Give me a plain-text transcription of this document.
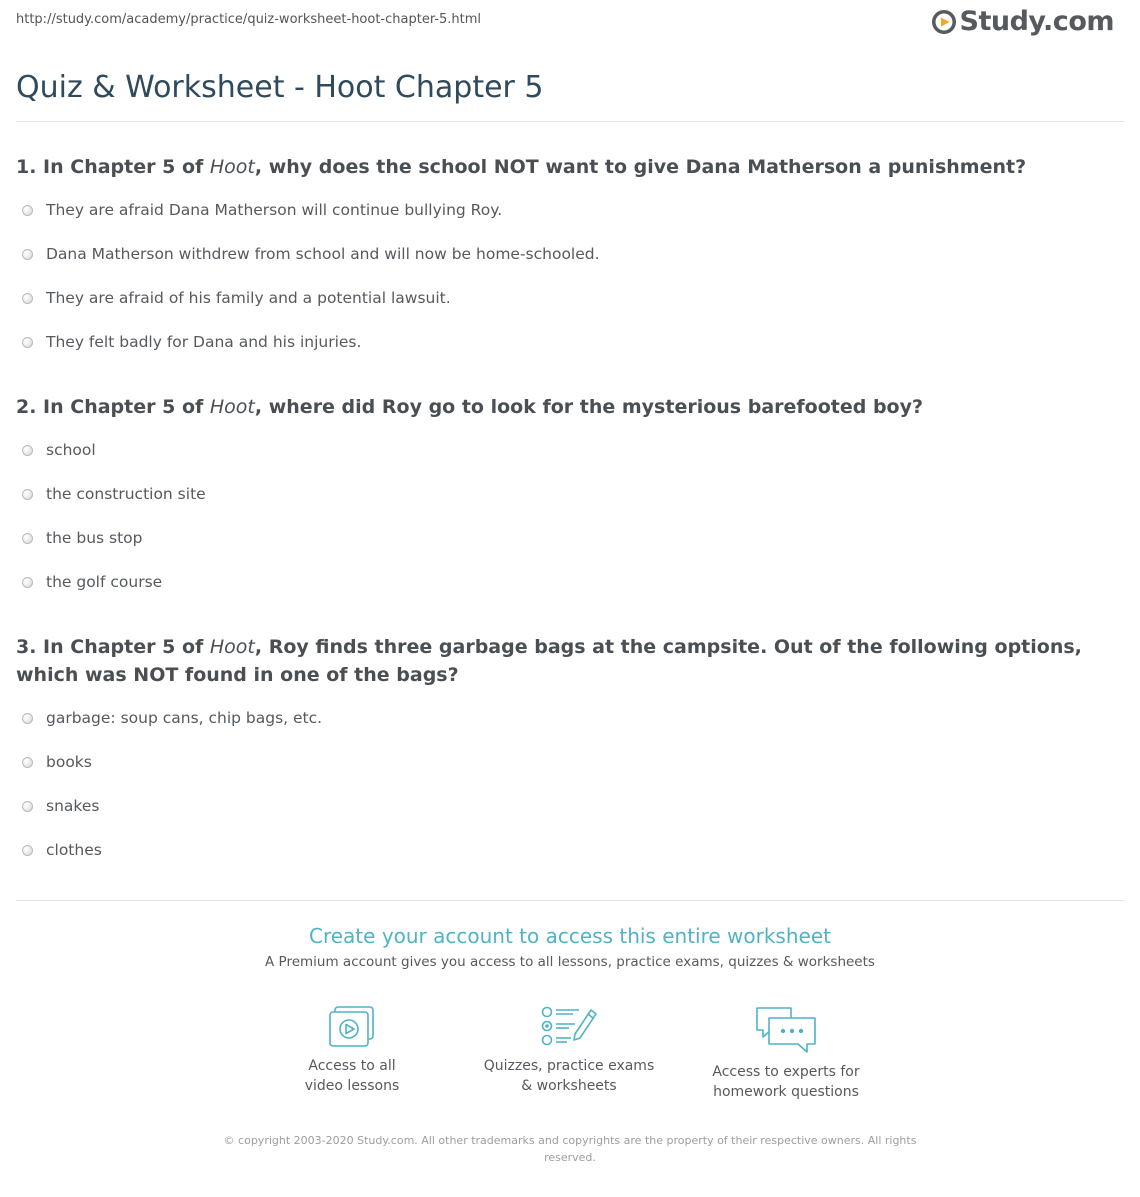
http://study.com/academy/practice/quiz-worksheet-hoot-chapter-5.html	Study.com
Quiz & Worksheet - Hoot Chapter 5
1. In Chapter 5 of Hoot, why does the school NOT want to give Dana Matherson a punishment?
They are afraid Dana Matherson will continue bullying Roy.
Dana Matherson withdrew from school and will now be home-schooled.
They are afraid of his family and a potential lawsuit.
They felt badly for Dana and his injuries.
2. In Chapter 5 of Hoot, where did Roy go to look for the mysterious barefooted boy?
school
the construction site
the bus stop
the golf course
3. In Chapter 5 of Hoot, Roy finds three garbage bags at the campsite. Out of the following options, which was NOT found in one of the bags?
garbage: soup cans, chip bags, etc.
books
snakes
clothes

Create your account to access this entire worksheet

A Premium account gives you access to all lessons, practice exams, quizzes & worksheets

Access to all
video lessons
Quizzes, practice exams
& worksheets
Access to experts for
homework questions
© copyright 2003-2020 Study.com. All other trademarks and copyrights are the property of their respective owners. All rights reserved.
